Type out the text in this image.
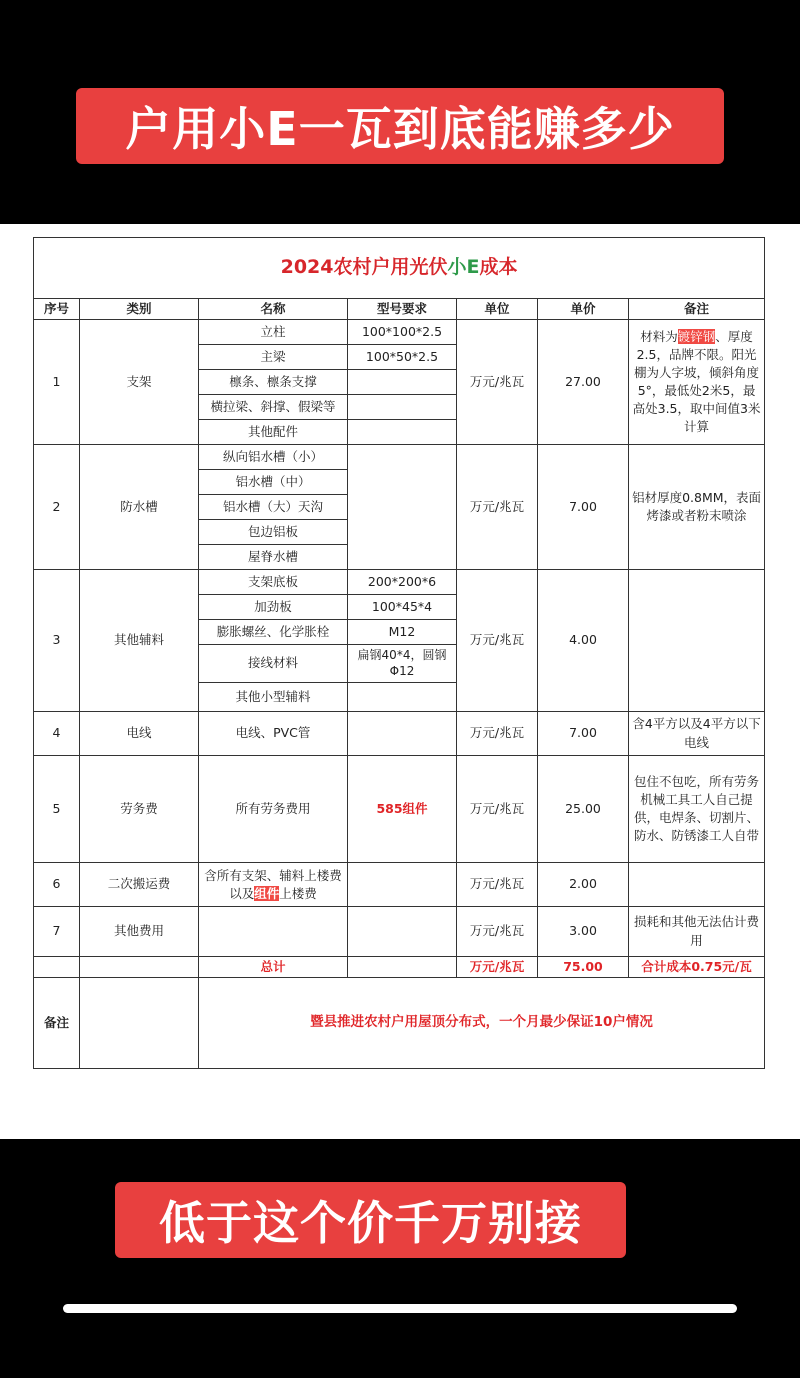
户用小E一瓦到底能赚多少
2024农村户用光伏小E成本						
序号	类别	名称	型号要求	单位	单价	备注
1	支架	立柱	100*100*2.5	万元/兆瓦	27.00	材料为镀锌钢、厚度2.5，品牌不限。阳光棚为人字坡，倾斜角度5°，最低处2米5，最高处3.5，取中间值3米计算
		主梁	100*50*2.5			
		檩条、檩条支撑				
		横拉梁、斜撑、假梁等				
		其他配件				
2	防水槽	纵向铝水槽（小）		万元/兆瓦	7.00	铝材厚度0.8MM，表面烤漆或者粉末喷涂
		铝水槽（中）				
		铝水槽（大）天沟				
		包边铝板				
		屋脊水槽				
3	其他辅料	支架底板	200*200*6	万元/兆瓦	4.00	
		加劲板	100*45*4			
		膨胀螺丝、化学胀栓	M12			
		接线材料	扁钢40*4，圆钢Φ12			
		其他小型辅料				
4	电线	电线、PVC管		万元/兆瓦	7.00	含4平方以及4平方以下电线
5	劳务费	所有劳务费用	585组件	万元/兆瓦	25.00	包住不包吃，所有劳务机械工具工人自己提供，电焊条、切割片、防水、防锈漆工人自带
6	二次搬运费	含所有支架、辅料上楼费以及组件上楼费		万元/兆瓦	2.00	
7	其他费用			万元/兆瓦	3.00	损耗和其他无法估计费用
		总计		万元/兆瓦	75.00	合计成本0.75元/瓦
备注		暨县推进农村户用屋顶分布式，一个月最少保证10户情况				
低于这个价千万别接
